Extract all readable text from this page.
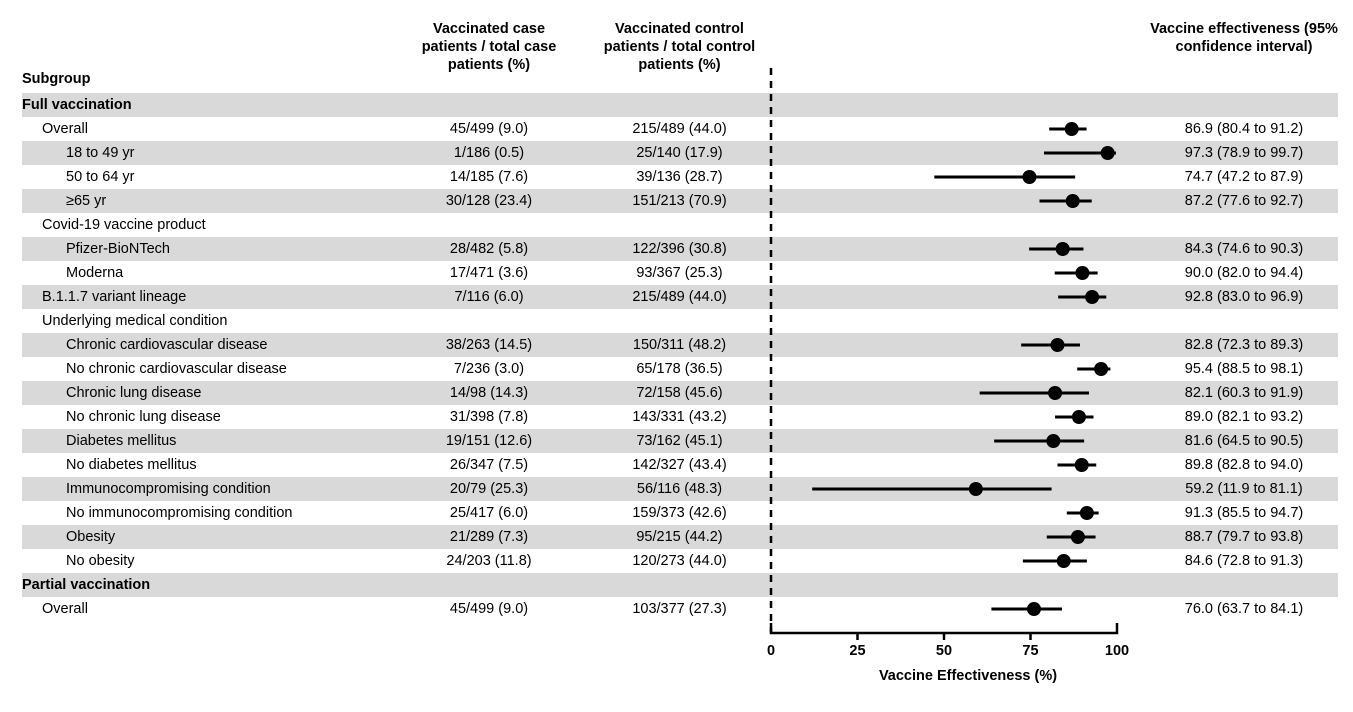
Vaccinated case patients / total case patients (%)
Vaccinated control patients / total control patients (%)
Vaccine effectiveness (95% confidence interval)
Subgroup
Full vaccination
Overall	45/499 (9.0)	215/489 (44.0)	86.9 (80.4 to 91.2)
18 to 49 yr	1/186 (0.5)	25/140 (17.9)	97.3 (78.9 to 99.7)
50 to 64 yr	14/185 (7.6)	39/136 (28.7)	74.7 (47.2 to 87.9)
≥65 yr	30/128 (23.4)	151/213 (70.9)	87.2 (77.6 to 92.7)
Covid-19 vaccine product
Pfizer-BioNTech	28/482 (5.8)	122/396 (30.8)	84.3 (74.6 to 90.3)
Moderna	17/471 (3.6)	93/367 (25.3)	90.0 (82.0 to 94.4)
B.1.1.7 variant lineage	7/116 (6.0)	215/489 (44.0)	92.8 (83.0 to 96.9)
Underlying medical condition
Chronic cardiovascular disease	38/263 (14.5)	150/311 (48.2)	82.8 (72.3 to 89.3)
No chronic cardiovascular disease	7/236 (3.0)	65/178 (36.5)	95.4 (88.5 to 98.1)
Chronic lung disease	14/98 (14.3)	72/158 (45.6)	82.1 (60.3 to 91.9)
No chronic lung disease	31/398 (7.8)	143/331 (43.2)	89.0 (82.1 to 93.2)
Diabetes mellitus	19/151 (12.6)	73/162 (45.1)	81.6 (64.5 to 90.5)
No diabetes mellitus	26/347 (7.5)	142/327 (43.4)	89.8 (82.8 to 94.0)
Immunocompromising condition	20/79 (25.3)	56/116 (48.3)	59.2 (11.9 to 81.1)
No immunocompromising condition	25/417 (6.0)	159/373 (42.6)	91.3 (85.5 to 94.7)
Obesity	21/289 (7.3)	95/215 (44.2)	88.7 (79.7 to 93.8)
No obesity	24/203 (11.8)	120/273 (44.0)	84.6 (72.8 to 91.3)
Partial vaccination
Overall	45/499 (9.0)	103/377 (27.3)	76.0 (63.7 to 84.1)
0	25	50	75	100
Vaccine Effectiveness (%)
